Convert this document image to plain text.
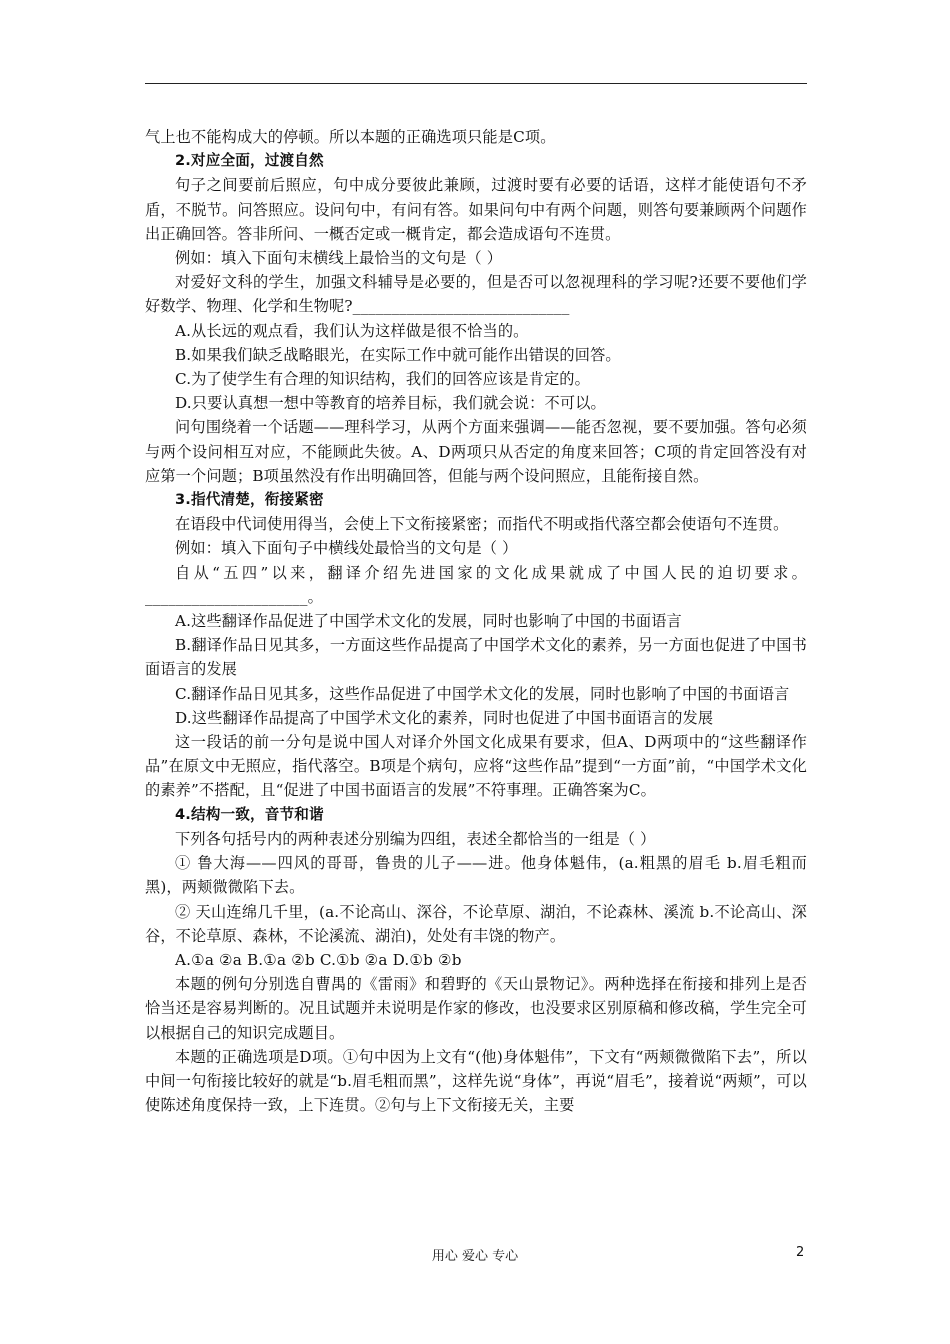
气上也不能构成大的停顿。所以本题的正确选项只能是C项。

2.对应全面，过渡自然

句子之间要前后照应，句中成分要彼此兼顾，过渡时要有必要的话语，这样才能使语句不矛盾，不脱节。问答照应。设问句中，有问有答。如果问句中有两个问题，则答句要兼顾两个问题作出正确回答。答非所问、一概否定或一概肯定，都会造成语句不连贯。

例如：填入下面句末横线上最恰当的文句是（ ）

对爱好文科的学生，加强文科辅导是必要的，但是否可以忽视理科的学习呢?还要不要他们学好数学、物理、化学和生物呢?____________________________

A.从长远的观点看，我们认为这样做是很不恰当的。

B.如果我们缺乏战略眼光，在实际工作中就可能作出错误的回答。

C.为了使学生有合理的知识结构，我们的回答应该是肯定的。

D.只要认真想一想中等教育的培养目标，我们就会说：不可以。

问句围绕着一个话题——理科学习，从两个方面来强调——能否忽视，要不要加强。答句必须与两个设问相互对应，不能顾此失彼。A、D两项只从否定的角度来回答；C项的肯定回答没有对应第一个问题；B项虽然没有作出明确回答，但能与两个设问照应，且能衔接自然。

3.指代清楚，衔接紧密

在语段中代词使用得当，会使上下文衔接紧密；而指代不明或指代落空都会使语句不连贯。

例如：填入下面句子中横线处最恰当的文句是（ ）

自从“五四”以来，翻译介绍先进国家的文化成果就成了中国人民的迫切要求。_____________________。

A.这些翻译作品促进了中国学术文化的发展，同时也影响了中国的书面语言

B.翻译作品日见其多，一方面这些作品提高了中国学术文化的素养，另一方面也促进了中国书面语言的发展

C.翻译作品日见其多，这些作品促进了中国学术文化的发展，同时也影响了中国的书面语言

D.这些翻译作品提高了中国学术文化的素养，同时也促进了中国书面语言的发展

这一段话的前一分句是说中国人对译介外国文化成果有要求，但A、D两项中的“这些翻译作品”在原文中无照应，指代落空。B项是个病句，应将“这些作品”提到“一方面”前，“中国学术文化的素养”不搭配，且“促进了中国书面语言的发展”不符事理。正确答案为C。

4.结构一致，音节和谐

下列各句括号内的两种表述分别编为四组，表述全都恰当的一组是（ ）

① 鲁大海——四风的哥哥，鲁贵的儿子——进。他身体魁伟，(a.粗黑的眉毛 b.眉毛粗而黑)，两颊微微陷下去。

② 天山连绵几千里，(a.不论高山、深谷，不论草原、湖泊，不论森林、溪流 b.不论高山、深谷，不论草原、森林，不论溪流、湖泊)，处处有丰饶的物产。

A.①a ②a B.①a ②b C.①b ②a D.①b ②b

本题的例句分别选自曹禺的《雷雨》和碧野的《天山景物记》。两种选择在衔接和排列上是否恰当还是容易判断的。况且试题并未说明是作家的修改，也没要求区别原稿和修改稿，学生完全可以根据自己的知识完成题目。

本题的正确选项是D项。①句中因为上文有“(他)身体魁伟”，下文有“两颊微微陷下去”，所以中间一句衔接比较好的就是“b.眉毛粗而黑”，这样先说“身体”，再说“眉毛”，接着说“两颊”，可以使陈述角度保持一致，上下连贯。②句与上下文衔接无关，主要

用心 爱心 专心	2
